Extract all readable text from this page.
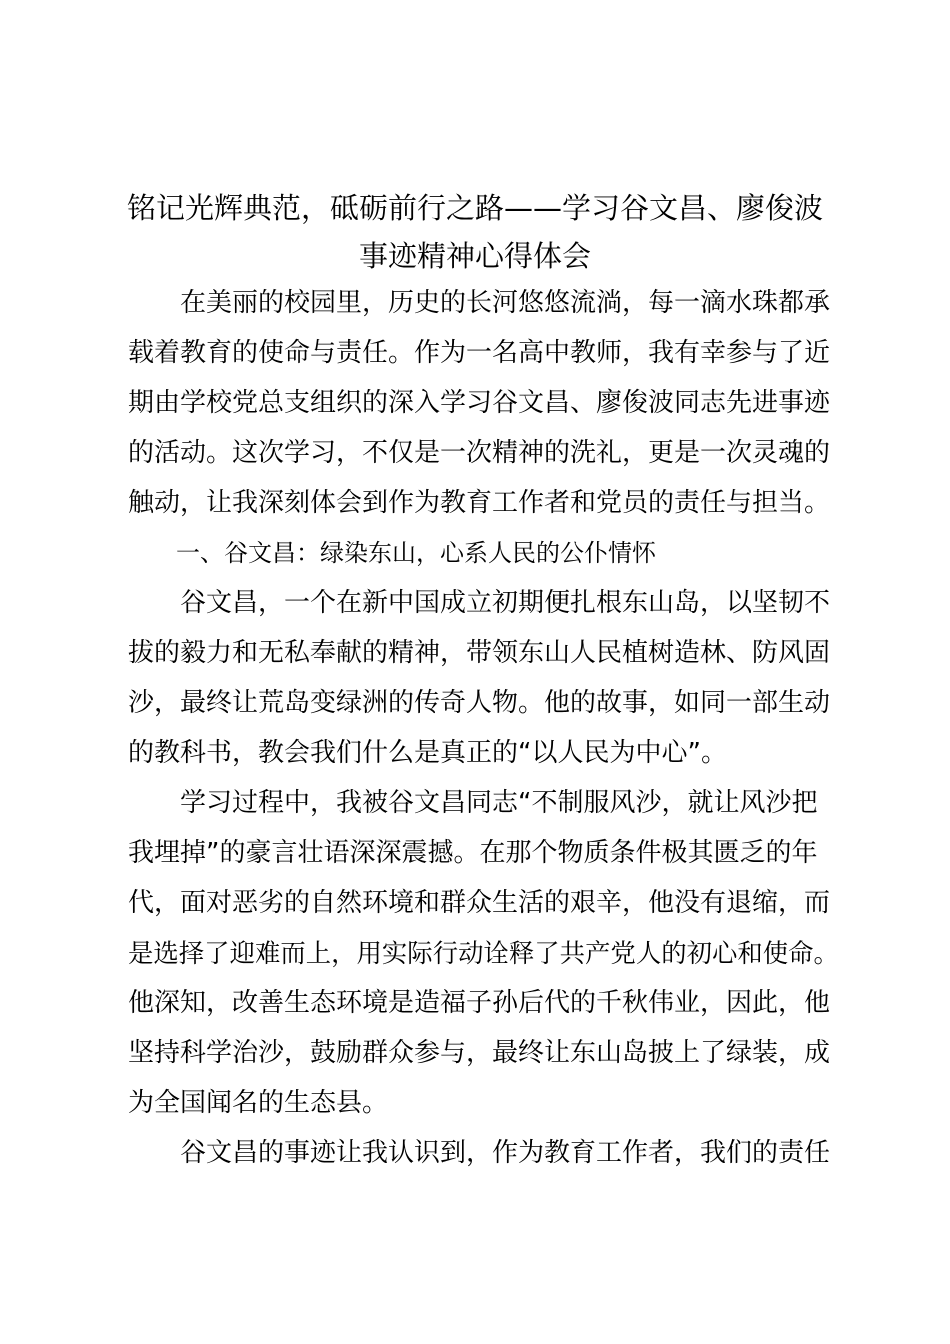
铭记光辉典范，砥砺前行之路——学习谷文昌、廖俊波
事迹精神心得体会
　　在美丽的校园里，历史的长河悠悠流淌，每一滴水珠都承
载着教育的使命与责任。作为一名高中教师，我有幸参与了近
期由学校党总支组织的深入学习谷文昌、廖俊波同志先进事迹
的活动。这次学习，不仅是一次精神的洗礼，更是一次灵魂的
触动，让我深刻体会到作为教育工作者和党员的责任与担当。
　　一、谷文昌：绿染东山，心系人民的公仆情怀
　　谷文昌，一个在新中国成立初期便扎根东山岛，以坚韧不
拔的毅力和无私奉献的精神，带领东山人民植树造林、防风固
沙，最终让荒岛变绿洲的传奇人物。他的故事，如同一部生动
的教科书，教会我们什么是真正的“以人民为中心”。
　　学习过程中，我被谷文昌同志“不制服风沙，就让风沙把
我埋掉”的豪言壮语深深震撼。在那个物质条件极其匮乏的年
代，面对恶劣的自然环境和群众生活的艰辛，他没有退缩，而
是选择了迎难而上，用实际行动诠释了共产党人的初心和使命。
他深知，改善生态环境是造福子孙后代的千秋伟业，因此，他
坚持科学治沙，鼓励群众参与，最终让东山岛披上了绿装，成
为全国闻名的生态县。
　　谷文昌的事迹让我认识到，作为教育工作者，我们的责任
